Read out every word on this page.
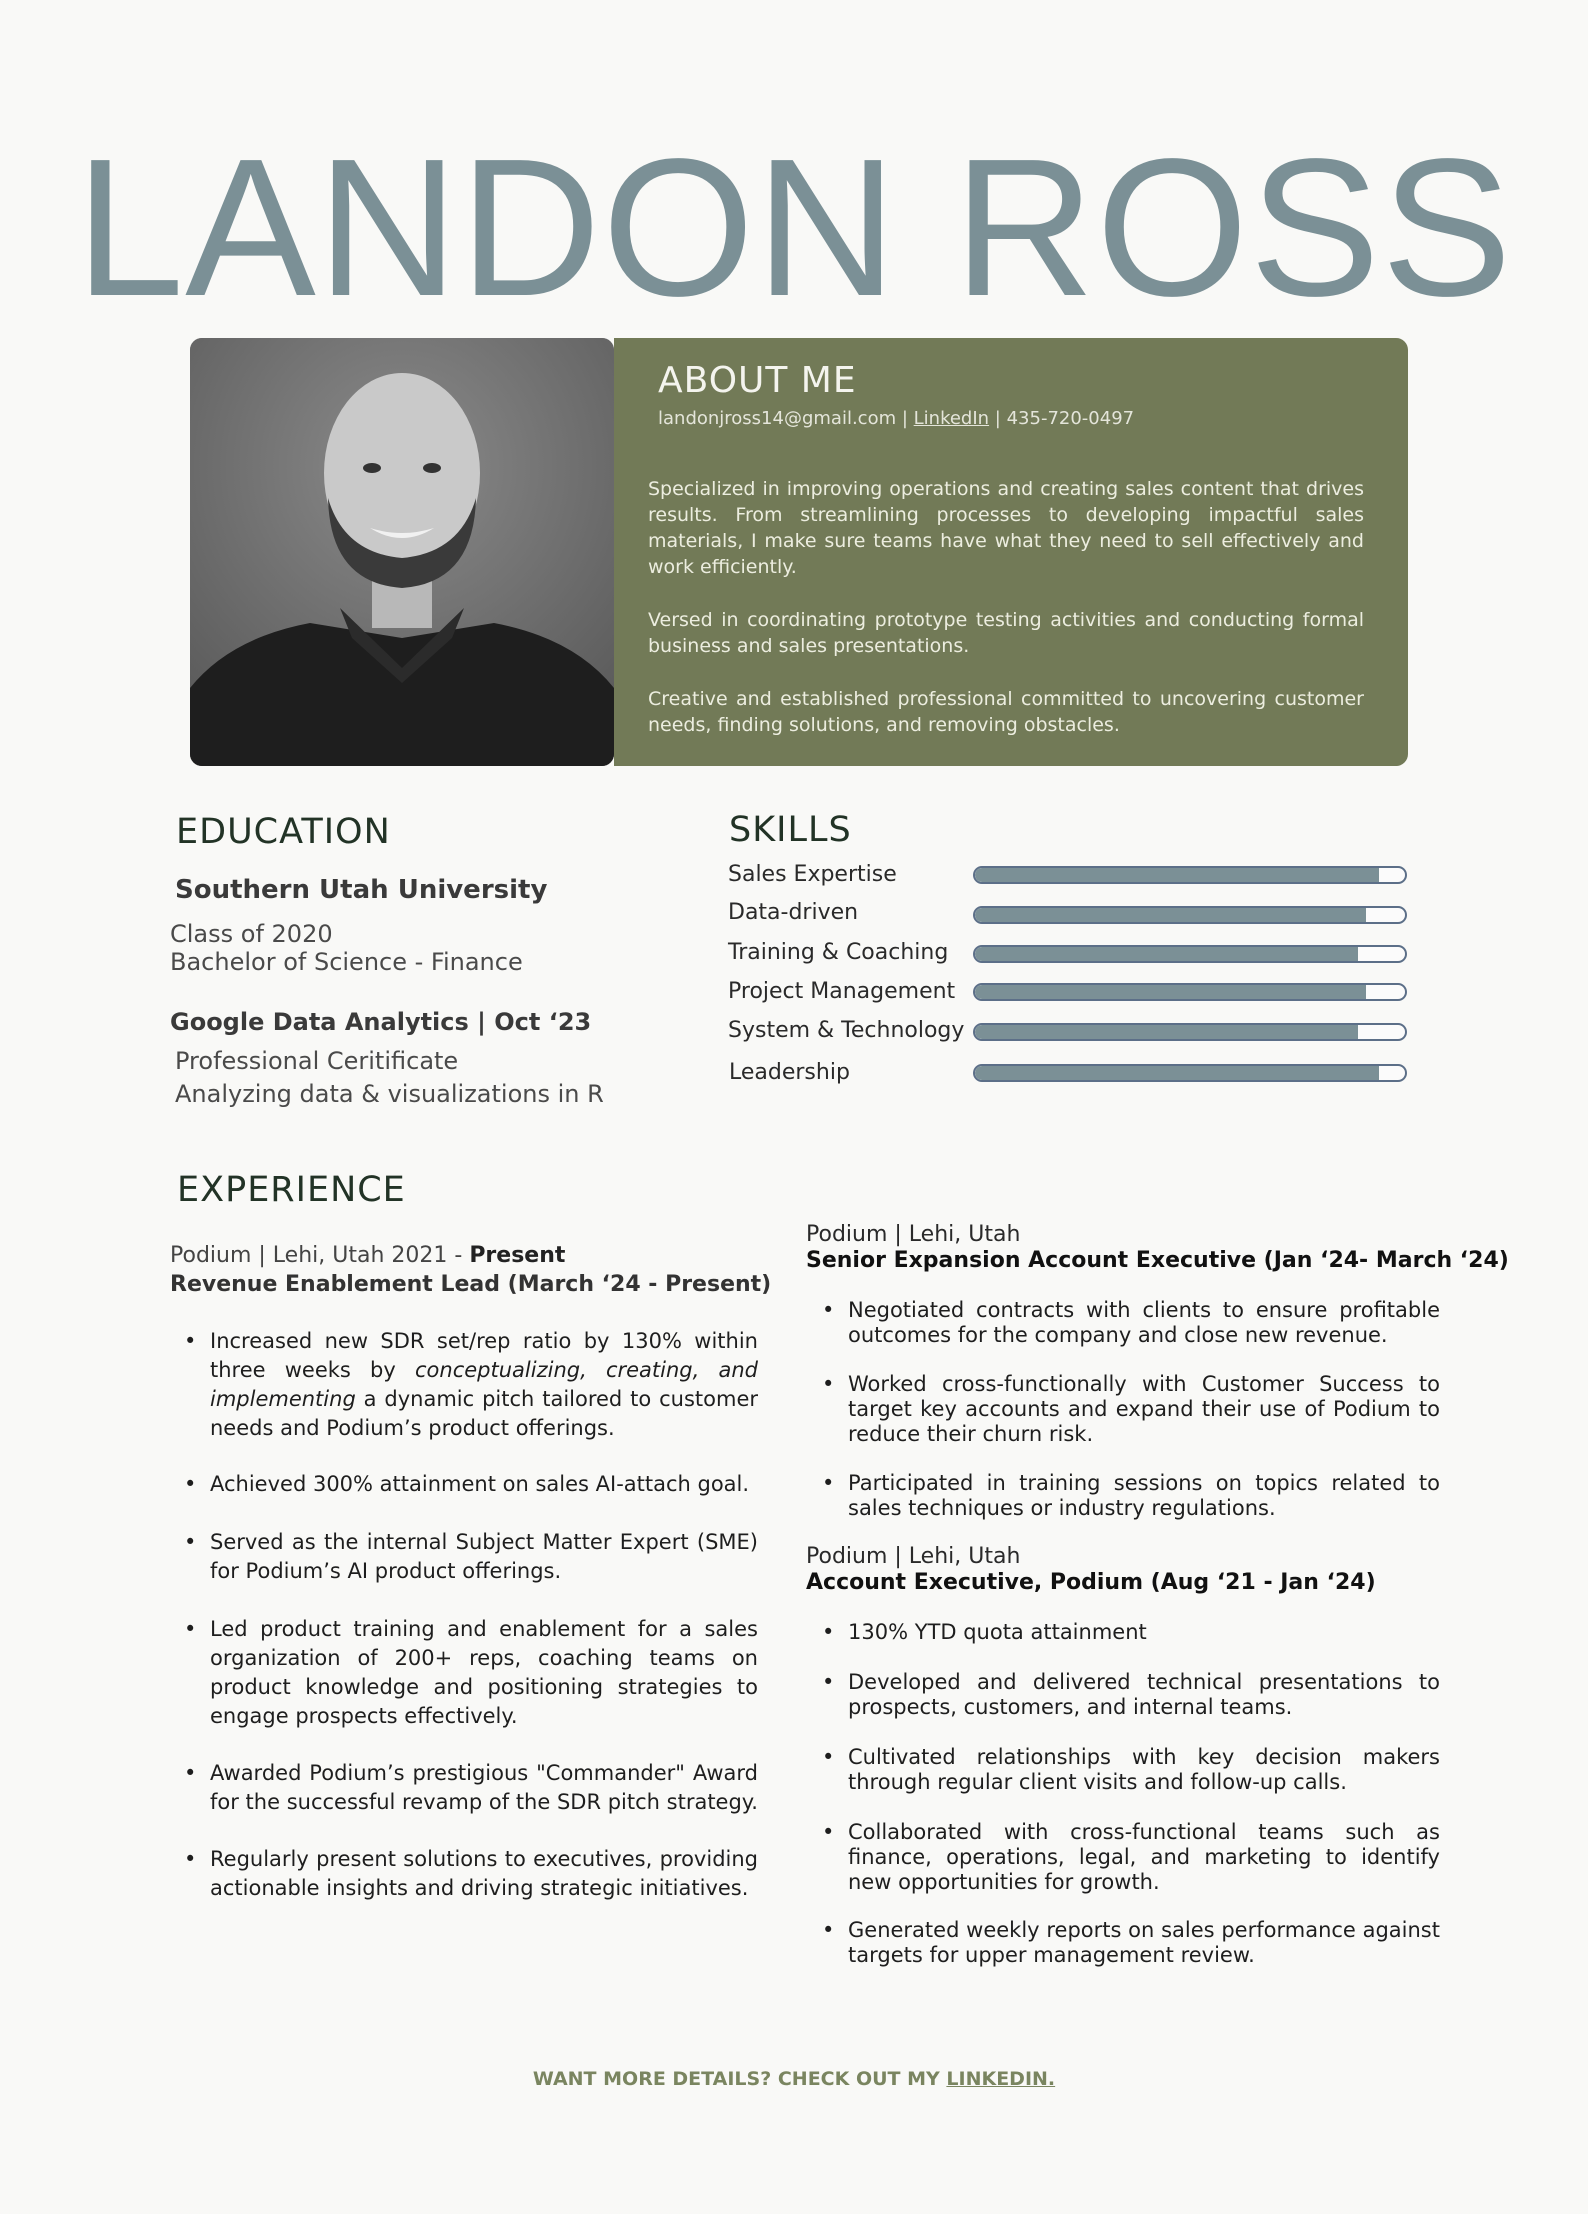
LANDON ROSS
ABOUT ME
landonjross14@gmail.com | LinkedIn | 435-720-0497

Specialized in improving operations and creating sales content that drives results. From streamlining processes to developing impactful sales materials, I make sure teams have what they need to sell effectively and work efficiently.

Versed in coordinating prototype testing activities and conducting formal business and sales presentations.

Creative and established professional committed to uncovering customer needs, finding solutions, and removing obstacles.

EDUCATION
Southern Utah University
Class of 2020
Bachelor of Science - Finance
Google Data Analytics | Oct ‘23
Professional Ceritificate
Analyzing data & visualizations in R
SKILLS
Sales Expertise
Data-driven
Training & Coaching
Project Management
System & Technology
Leadership
EXPERIENCE
Podium | Lehi, Utah 2021 - Present
Revenue Enablement Lead (March ‘24 - Present)
• Increased new SDR set/rep ratio by 130% within three weeks by conceptualizing, creating, and implementing a dynamic pitch tailored to customer needs and Podium’s product offerings.
• Achieved 300% attainment on sales AI-attach goal.
• Served as the internal Subject Matter Expert (SME) for Podium’s AI product offerings.
• Led product training and enablement for a sales organization of 200+ reps, coaching teams on product knowledge and positioning strategies to engage prospects effectively.
• Awarded Podium’s prestigious "Commander" Award for the successful revamp of the SDR pitch strategy.
• Regularly present solutions to executives, providing actionable insights and driving strategic initiatives.
Podium | Lehi, Utah
Senior Expansion Account Executive (Jan ‘24- March ‘24)
• Negotiated contracts with clients to ensure profitable outcomes for the company and close new revenue.
• Worked cross-functionally with Customer Success to target key accounts and expand their use of Podium to reduce their churn risk.
• Participated in training sessions on topics related to sales techniques or industry regulations.
Podium | Lehi, Utah
Account Executive, Podium (Aug ‘21 - Jan ‘24)
• 130% YTD quota attainment
• Developed and delivered technical presentations to prospects, customers, and internal teams.
• Cultivated relationships with key decision makers through regular client visits and follow-up calls.
• Collaborated with cross-functional teams such as finance, operations, legal, and marketing to identify new opportunities for growth.
• Generated weekly reports on sales performance against targets for upper management review.
WANT MORE DETAILS? CHECK OUT MY LINKEDIN.
